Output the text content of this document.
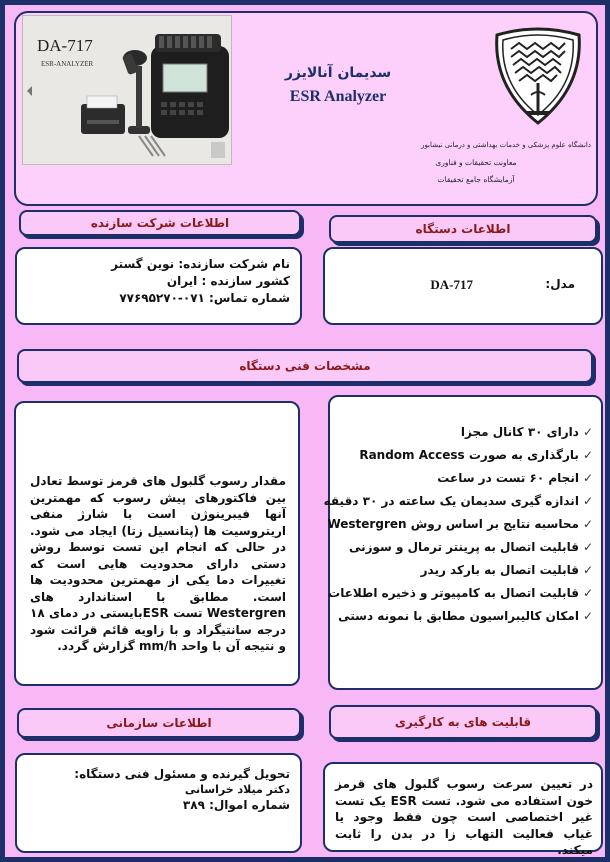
DA-717
ESR-ANALYZER
سدیمان آنالایزر
ESR Analyzer
دانشگاه علوم پزشکی و خدمات بهداشتی و درمانی نیشابور
معاونت تحقیقات و فناوری
آزمایشگاه جامع تحقیقات
اطلاعات شرکت سازنده
نام شرکت سازنده: نوین گستر
کشور سازنده : ایران
شماره تماس: ۰۷۱-۷۷۶۹۵۲۷۰
اطلاعات دستگاه
مدل:
DA-717
مشخصات فنی دستگاه
✓دارای ۳۰ کانال مجزا
✓بارگذاری به صورت Random Access
✓انجام ۶۰ تست در ساعت
✓اندازه گیری سدیمان یک ساعته در ۳۰ دقیقه
✓محاسبه نتایج بر اساس روش Westergren
✓قابلیت اتصال به پرینتر ترمال و سوزنی
✓قابلیت اتصال به بارکد ریدر
✓قابلیت اتصال به کامپیوتر و ذخیره اطلاعات
✓امکان کالیبراسیون مطابق با نمونه دستی
مقدار رسوب گلبول های قرمز توسط تعادل بین فاکتورهای پیش رسوب که مهمترین آنها فیبرینوژن است با شارژ منفی اریتروسیت ها (پتانسیل زتا) ایجاد می شود. در حالی که انجام این تست توسط روش دستی دارای محدودیت هایی است که تغییرات دما یکی از مهمترین محدودیت ها است. مطابق با استاندارد های Westergren تست ESRبایستی در دمای ۱۸ درجه سانتیگراد و با زاویه قائم قرائت شود و نتیجه آن با واحد mm/h گزارش گردد.
اطلاعات سازمانی
تحویل گیرنده و مسئول فنی دستگاه:
دکتر میلاد خراسانی
شماره اموال: ۳۸۹
قابلیت های به کارگیری
در تعیین سرعت رسوب گلبول های قرمز خون استفاده می شود. تست ESR یک تست غیر اختصاصی است چون فقط وجود یا غیاب فعالیت التهاب زا در بدن را ثابت میکند.
